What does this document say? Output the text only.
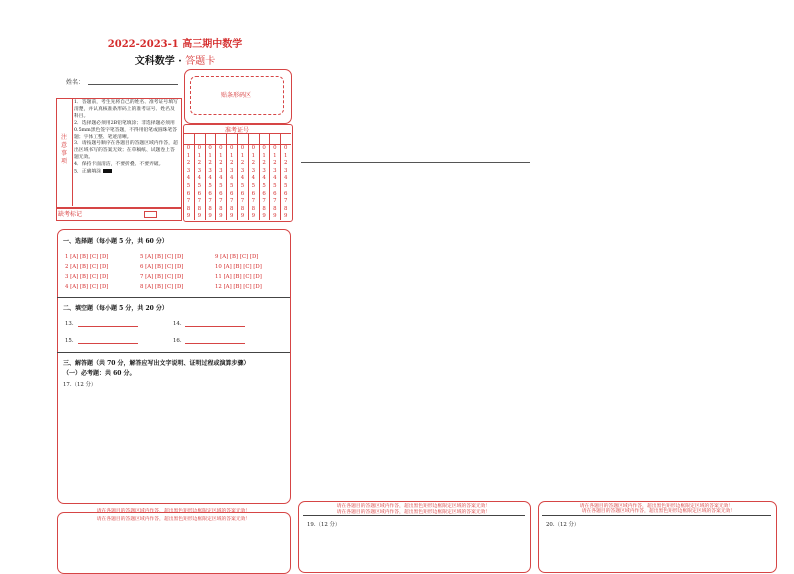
2022-2023-1 高三期中数学
文科数学 · 答题卡
姓名：
贴条形码区
注
意
事
项
1．答题前，考生先将自己的姓名、准考证号填写清楚，并认真核准条形码上的准考证号、姓名及科目。
2．选择题必须用2B铅笔填涂；非选择题必须用0.5mm黑色签字笔答题，不得用铅笔或圆珠笔答题；字体工整、笔迹清晰。
3．请按题号顺序在各题目的答题区域内作答，超出区域书写的答案无效；在草稿纸、试题卷上答题无效。
4．保持卡面清洁，不要折叠、不要弄破。
5．正确填涂
缺考标记
准考证号
0
1
2
3
4
5
6
7
8
9
0
1
2
3
4
5
6
7
8
9
0
1
2
3
4
5
6
7
8
9
0
1
2
3
4
5
6
7
8
9
0
1
2
3
4
5
6
7
8
9
0
1
2
3
4
5
6
7
8
9
0
1
2
3
4
5
6
7
8
9
0
1
2
3
4
5
6
7
8
9
0
1
2
3
4
5
6
7
8
9
0
1
2
3
4
5
6
7
8
9
一、选择题（每小题 5 分，共 60 分）
1 [A] [B] [C] [D]	5 [A] [B] [C] [D]	9 [A] [B] [C] [D]
2 [A] [B] [C] [D]	6 [A] [B] [C] [D]	10 [A] [B] [C] [D]
3 [A] [B] [C] [D]	7 [A] [B] [C] [D]	11 [A] [B] [C] [D]
4 [A] [B] [C] [D]	8 [A] [B] [C] [D]	12 [A] [B] [C] [D]
二、填空题（每小题 5 分，共 20 分）
13.	14.
15.	16.
三、解答题（共 70 分，解答应写出文字说明、证明过程或演算步骤）
（一）必考题：共 60 分。
17.（12 分）
请在各题目的答题区域内作答，超出黑色矩形边框限定区域的答案无效！
请在各题目的答题区域内作答，超出黑色矩形边框限定区域的答案无效！
请在各题目的答题区域内作答，超出黑色矩形边框限定区域的答案无效！
请在各题目的答题区域内作答，超出黑色矩形边框限定区域的答案无效！
19.（12 分）
请在各题目的答题区域内作答，超出黑色矩形边框限定区域的答案无效！
请在各题目的答题区域内作答，超出黑色矩形边框限定区域的答案无效！
20.（12 分）
